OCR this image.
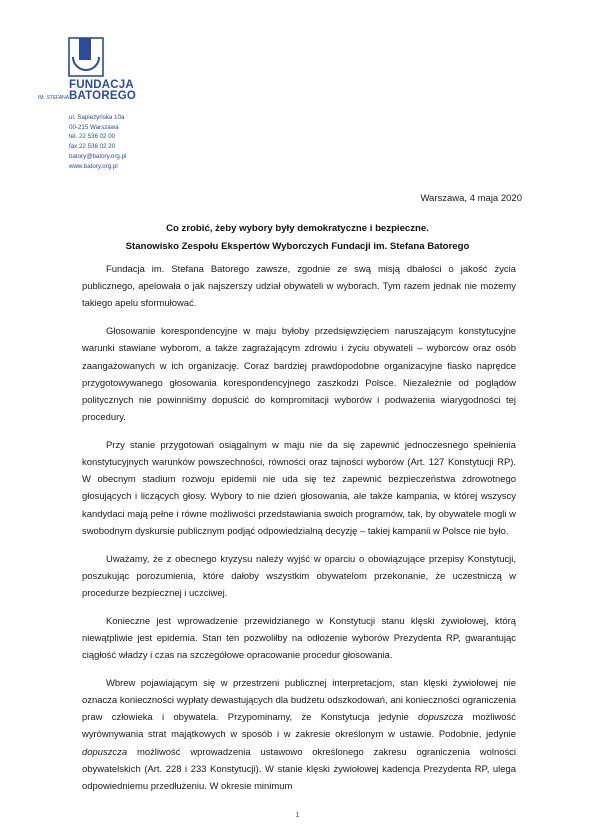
FUNDACJA
IM. STEFANA BATOREGO
ul. Sapieżyńska 10a
00-215 Warszawa
tel. 22 536 02 00
fax 22 536 02 20
batory@batory.org.pl
www.batory.org.pl
Warszawa, 4 maja 2020
Co zrobić, żeby wybory były demokratyczne i bezpieczne.
Stanowisko Zespołu Ekspertów Wyborczych Fundacji im. Stefana Batorego

Fundacja im. Stefana Batorego zawsze, zgodnie ze swą misją dbałości o jakość życia publicznego, apelowała o jak najszerszy udział obywateli w wyborach. Tym razem jednak nie możemy takiego apelu sformułować.

Głosowanie korespondencyjne w maju byłoby przedsięwzięciem naruszającym konstytucyjne warunki stawiane wyborom, a także zagrażającym zdrowiu i życiu obywateli – wyborców oraz osób zaangażowanych w ich organizację. Coraz bardziej prawdopodobne organizacyjne fiasko naprędce przygotowywanego głosowania korespondencyjnego zaszkodzi Polsce. Niezależnie od poglądów politycznych nie powinniśmy dopuścić do kompromitacji wyborów i podważenia wiarygodności tej procedury.

Przy stanie przygotowań osiągalnym w maju nie da się zapewnić jednoczesnego spełnienia konstytucyjnych warunków powszechności, równości oraz tajności wyborów (Art. 127 Konstytucji RP). W obecnym stadium rozwoju epidemii nie uda się też zapewnić bezpieczeństwa zdrowotnego głosujących i liczących głosy. Wybory to nie dzień głosowania, ale także kampania, w której wszyscy kandydaci mają pełne i równe możliwości przedstawiania swoich programów, tak, by obywatele mogli w swobodnym dyskursie publicznym podjąć odpowiedzialną decyzję – takiej kampanii w Polsce nie było.

Uważamy, że z obecnego kryzysu należy wyjść w oparciu o obowiązujące przepisy Konstytucji, poszukując porozumienia, które dałoby wszystkim obywatelom przekonanie, że uczestniczą w procedurze bezpiecznej i uczciwej.

Konieczne jest wprowadzenie przewidzianego w Konstytucji stanu klęski żywiołowej, którą niewątpliwie jest epidemia. Stan ten pozwoliłby na odłożenie wyborów Prezydenta RP, gwarantując ciągłość władzy i czas na szczegółowe opracowanie procedur głosowania.

Wbrew pojawiającym się w przestrzeni publicznej interpretacjom, stan klęski żywiołowej nie oznacza konieczności wypłaty dewastujących dla budżetu odszkodowań, ani konieczności ograniczenia praw człowieka i obywatela. Przypominamy, że Konstytucja jedynie dopuszcza możliwość wyrównywania strat majątkowych w sposób i w zakresie określonym w ustawie. Podobnie, jedynie dopuszcza możliwość wprowadzenia ustawowo określonego zakresu ograniczenia wolności obywatelskich (Art. 228 i 233 Konstytucji). W stanie klęski żywiołowej kadencja Prezydenta RP, ulega odpowiedniemu przedłużeniu. W okresie minimum

1
